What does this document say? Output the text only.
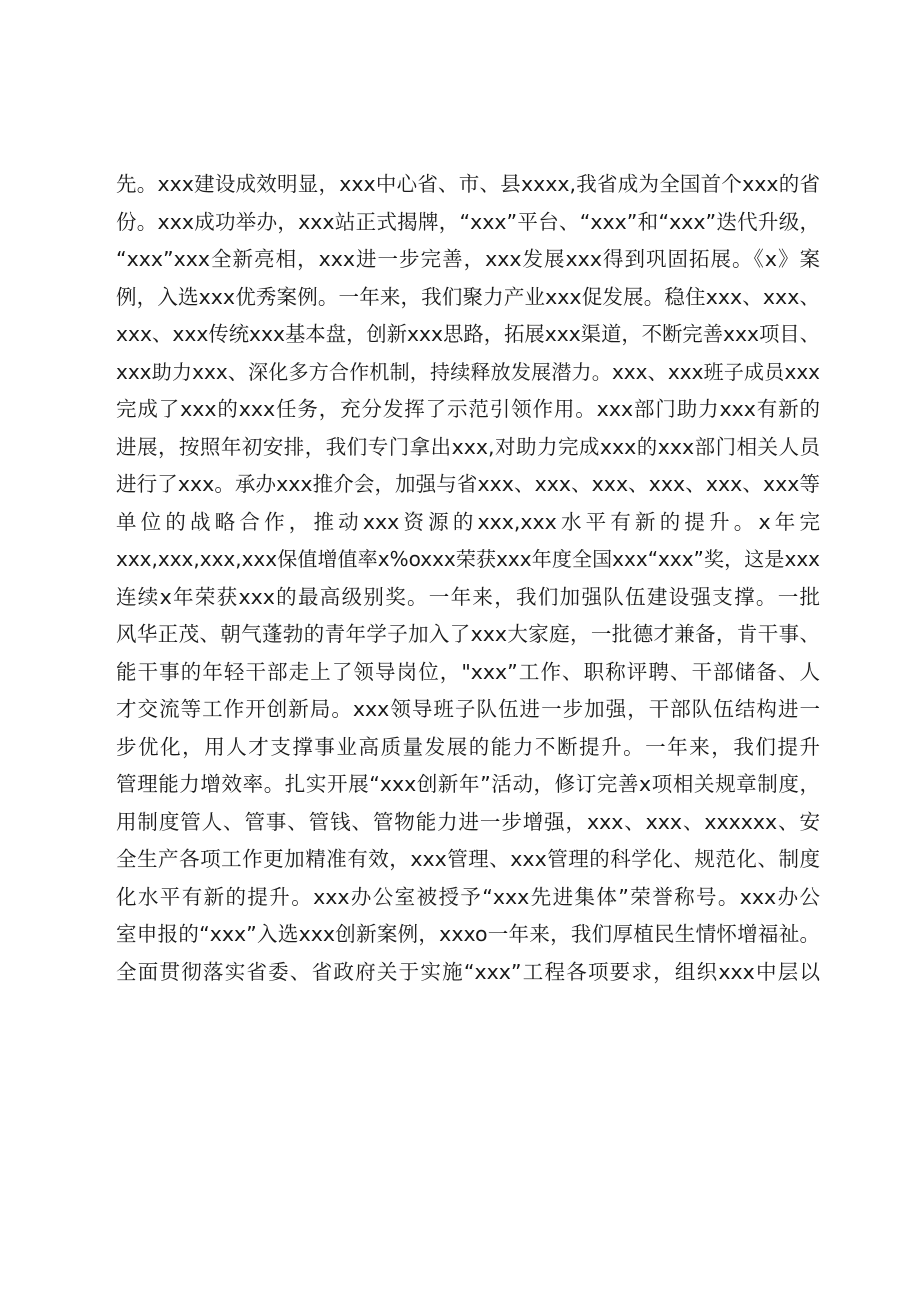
先。xxx建设成效明显，xxx中心省、市、县xxxx,我省成为全国首个xxx的省
份。xxx成功举办，xxx站正式揭牌，“xxx”平台、“xxx”和“xxx”迭代升级，
“xxx”xxx全新亮相，xxx进一步完善，xxx发展xxx得到巩固拓展。《x》案
例，入选xxx优秀案例。一年来，我们聚力产业xxx促发展。稳住xxx、xxx、
xxx、xxx传统xxx基本盘，创新xxx思路，拓展xxx渠道，不断完善xxx项目、
xxx助力xxx、深化多方合作机制，持续释放发展潜力。xxx、xxx班子成员xxx
完成了xxx的xxx任务，充分发挥了示范引领作用。xxx部门助力xxx有新的
进展，按照年初安排，我们专门拿出xxx,对助力完成xxx的xxx部门相关人员
进行了xxx。承办xxx推介会，加强与省xxx、xxx、xxx、xxx、xxx、xxx等
单位的战略合作，推动xxx资源的xxx,xxx水平有新的提升。x年完
xxx,xxx,xxx,xxx保值增值率x%oxxx荣获xxx年度全国xxx“xxx”奖，这是xxx
连续x年荣获xxx的最高级别奖。一年来，我们加强队伍建设强支撑。一批
风华正茂、朝气蓬勃的青年学子加入了xxx大家庭，一批德才兼备，肯干事、
能干事的年轻干部走上了领导岗位，"xxx”工作、职称评聘、干部储备、人
才交流等工作开创新局。xxx领导班子队伍进一步加强，干部队伍结构进一
步优化，用人才支撑事业高质量发展的能力不断提升。一年来，我们提升
管理能力增效率。扎实开展“xxx创新年”活动，修订完善x项相关规章制度，
用制度管人、管事、管钱、管物能力进一步增强，xxx、xxx、xxxxxx、安
全生产各项工作更加精准有效，xxx管理、xxx管理的科学化、规范化、制度
化水平有新的提升。xxx办公室被授予“xxx先进集体”荣誉称号。xxx办公
室申报的“xxx”入选xxx创新案例，xxxo一年来，我们厚植民生情怀增福祉。
全面贯彻落实省委、省政府关于实施“xxx”工程各项要求，组织xxx中层以
